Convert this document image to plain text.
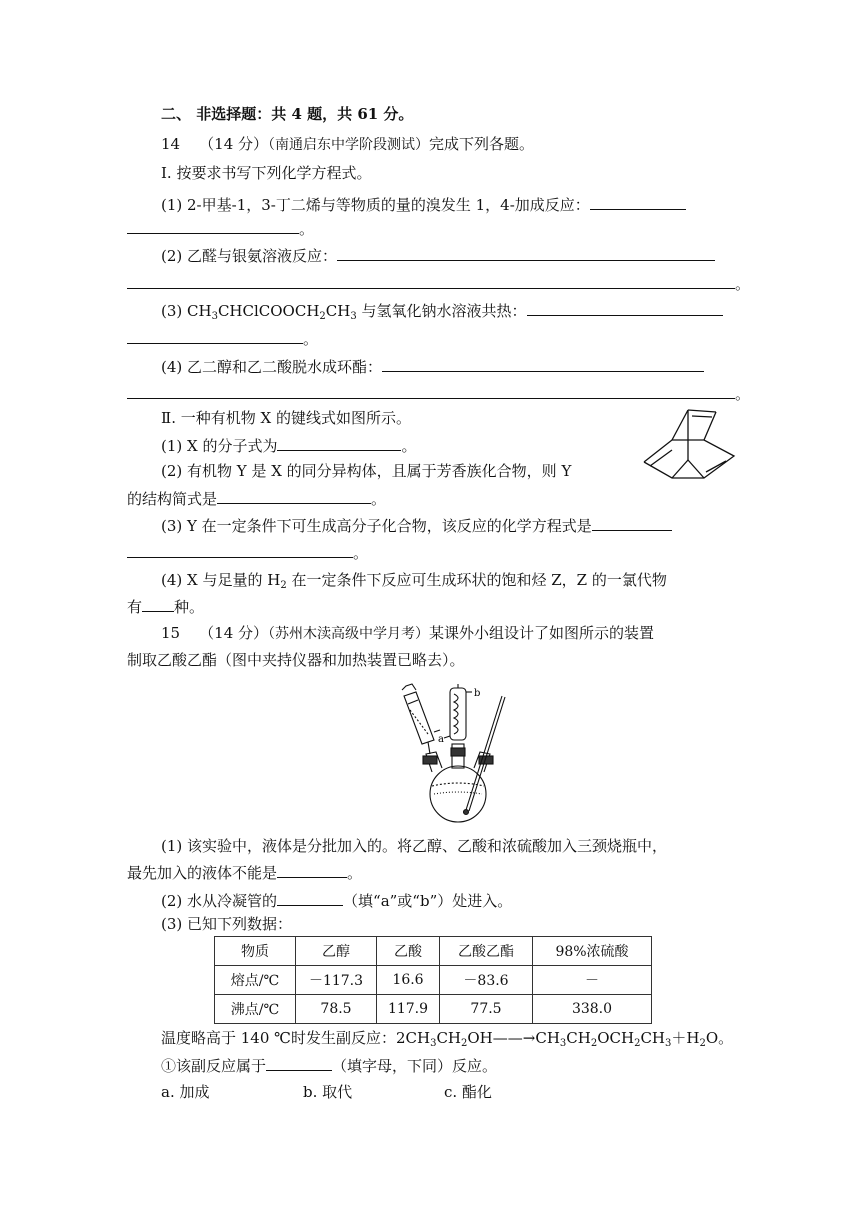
二、 非选择题：共 4 题，共 61 分。
14 （14 分）（南通启东中学阶段测试）完成下列各题。
Ⅰ. 按要求书写下列化学方程式。
(1) 2-甲基-1，3-丁二烯与等物质的量的溴发生 1，4-加成反应：
。
(2) 乙醛与银氨溶液反应：
。
(3) $CH_3CHClCOOCH_2CH_3$ 与氢氧化钠水溶液共热：
。
(4) 乙二醇和乙二酸脱水成环酯：
。
Ⅱ. 一种有机物 X 的键线式如图所示。
(1) X 的分子式为	。
(2) 有机物 Y 是 X 的同分异构体，且属于芳香族化合物，则 Y
的结构简式是	。
(3) Y 在一定条件下可生成高分子化合物，该反应的化学方程式是
。
(4) X 与足量的 $H_2$ 在一定条件下反应可生成环状的饱和烃 Z，Z 的一氯代物
有 种。
15 （14 分）（苏州木渎高级中学月考）某课外小组设计了如图所示的装置
制取乙酸乙酯（图中夹持仪器和加热装置已略去）。
b
a
(1) 该实验中，液体是分批加入的。将乙醇、乙酸和浓硫酸加入三颈烧瓶中，
最先加入的液体不能是	。
(2) 水从冷凝管的	（填“a”或“b”）处进入。
(3) 已知下列数据：
物质	乙醇	乙酸	乙酸乙酯	98%浓硫酸
熔点/℃	－117.3	16.6	－83.6	－
沸点/℃	78.5	117.9	77.5	338.0
温度略高于 140 ℃时发生副反应：$2CH_3CH_2OH——\to CH_3CH_2OCH_2CH_3+H_2O$。
①该副反应属于	（填字母，下同）反应。
a. 加成	b. 取代	c. 酯化
